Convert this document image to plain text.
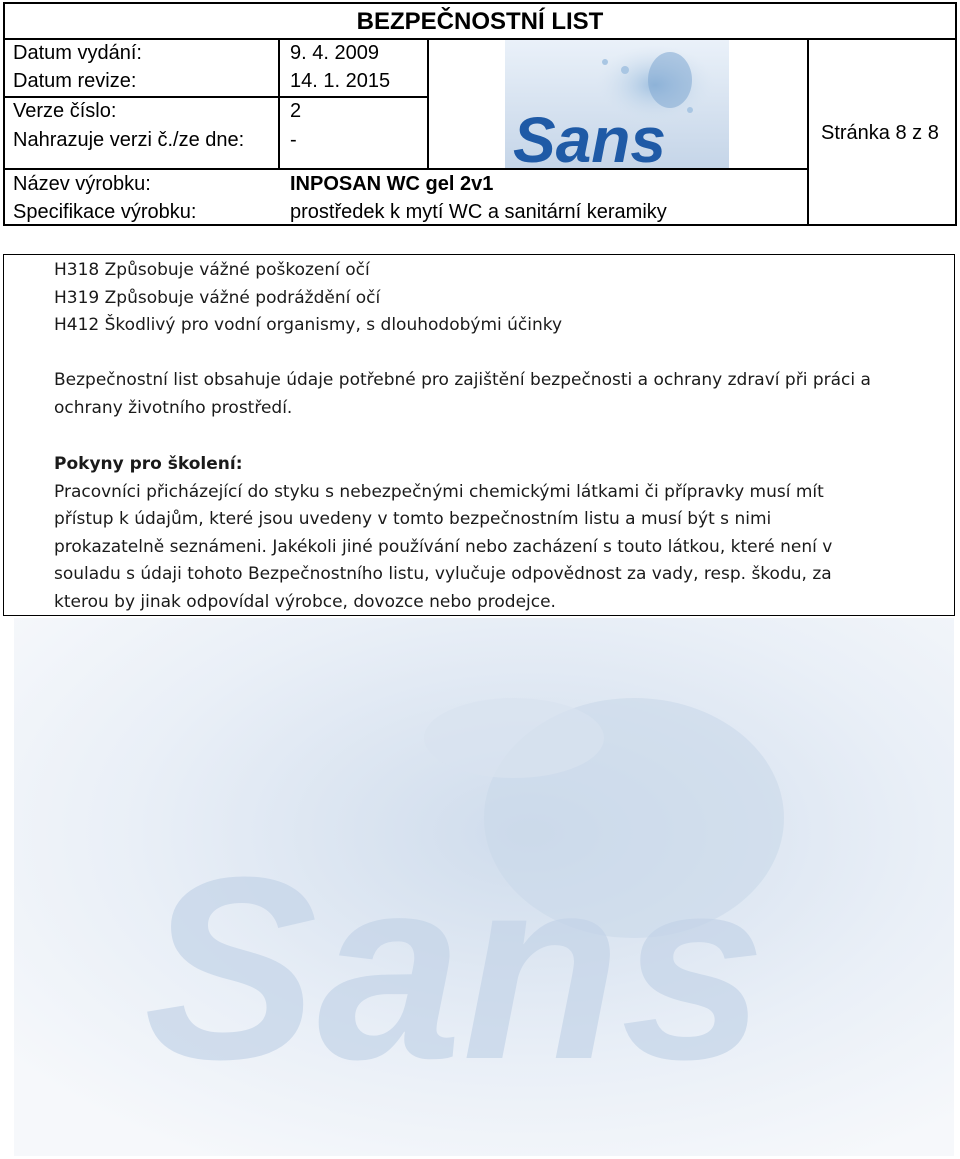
Sans
BEZPEČNOSTNÍ LIST
Datum vydání:	9. 4. 2009
Datum revize:	14. 1. 2015
Verze číslo:	2
Nahrazuje verzi č./ze dne: -
Název výrobku:	INPOSAN WC gel 2v1
Specifikace výrobku:	prostředek k mytí WC a sanitární keramiky
Stránka 8 z 8
Sans
H318 Způsobuje vážné poškození očí
H319 Způsobuje vážné podráždění očí
H412 Škodlivý pro vodní organismy, s dlouhodobými účinky
Bezpečnostní list obsahuje údaje potřebné pro zajištění bezpečnosti a ochrany zdraví při práci a
ochrany životního prostředí.
Pokyny pro školení:
Pracovníci přicházející do styku s nebezpečnými chemickými látkami či přípravky musí mít
přístup k údajům, které jsou uvedeny v tomto bezpečnostním listu a musí být s nimi
prokazatelně seznámeni. Jakékoli jiné používání nebo zacházení s touto látkou, které není v
souladu s údaji tohoto Bezpečnostního listu, vylučuje odpovědnost za vady, resp. škodu, za
kterou by jinak odpovídal výrobce, dovozce nebo prodejce.
